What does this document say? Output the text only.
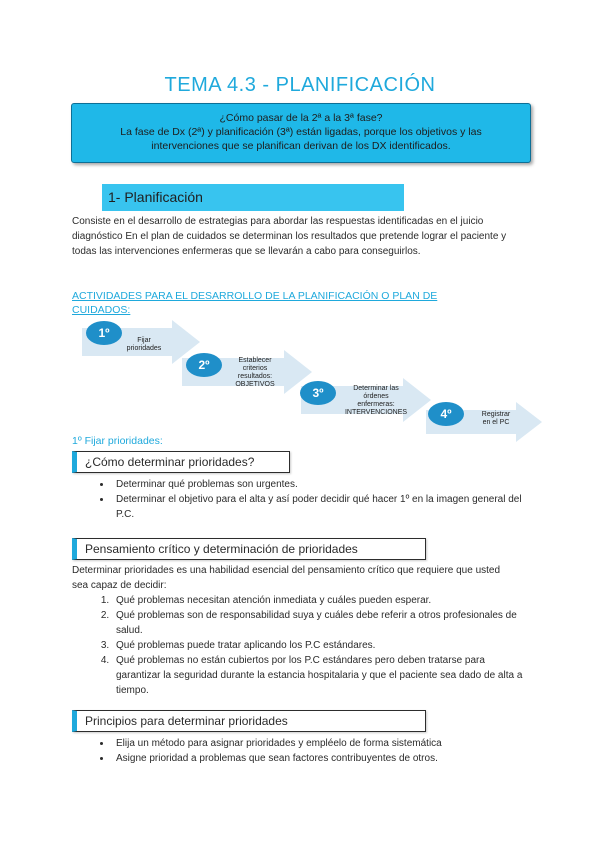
TEMA 4.3 - PLANIFICACIÓN
¿Cómo pasar de la 2ª a la 3ª fase?
La fase de Dx (2ª) y planificación (3ª) están ligadas, porque los objetivos y las
intervenciones que se planifican derivan de los DX identificados.
1- Planificación
Consiste en el desarrollo de estrategias para abordar las respuestas identificadas en el juicio diagnóstico En el plan de cuidados se determinan los resultados que pretende lograr el paciente y todas las intervenciones enfermeras que se llevarán a cabo para conseguirlos.
ACTIVIDADES PARA EL DESARROLLO DE LA PLANIFICACIÓN O PLAN DE CUIDADOS:
1º
2º
3º
4º
Fijar
prioridades
Establecer
criterios
resultados:
OBJETIVOS
Determinar las
órdenes
enfermeras:
INTERVENCIONES	Registrar
en el PC
1º Fijar prioridades:
¿Cómo determinar prioridades?
• Determinar qué problemas son urgentes.
• Determinar el objetivo para el alta y así poder decidir qué hacer 1º en la imagen general del P.C.
Pensamiento crítico y determinación de prioridades
Determinar prioridades es una habilidad esencial del pensamiento crítico que requiere que usted sea capaz de decidir:
1. Qué problemas necesitan atención inmediata y cuáles pueden esperar.
2. Qué problemas son de responsabilidad suya y cuáles debe referir a otros profesionales de salud.
3. Qué problemas puede tratar aplicando los P.C estándares.
4. Qué problemas no están cubiertos por los P.C estándares pero deben tratarse para garantizar la seguridad durante la estancia hospitalaria y que el paciente sea dado de alta a tiempo.
Principios para determinar prioridades
• Elija un método para asignar prioridades y empléelo de forma sistemática
• Asigne prioridad a problemas que sean factores contribuyentes de otros.
